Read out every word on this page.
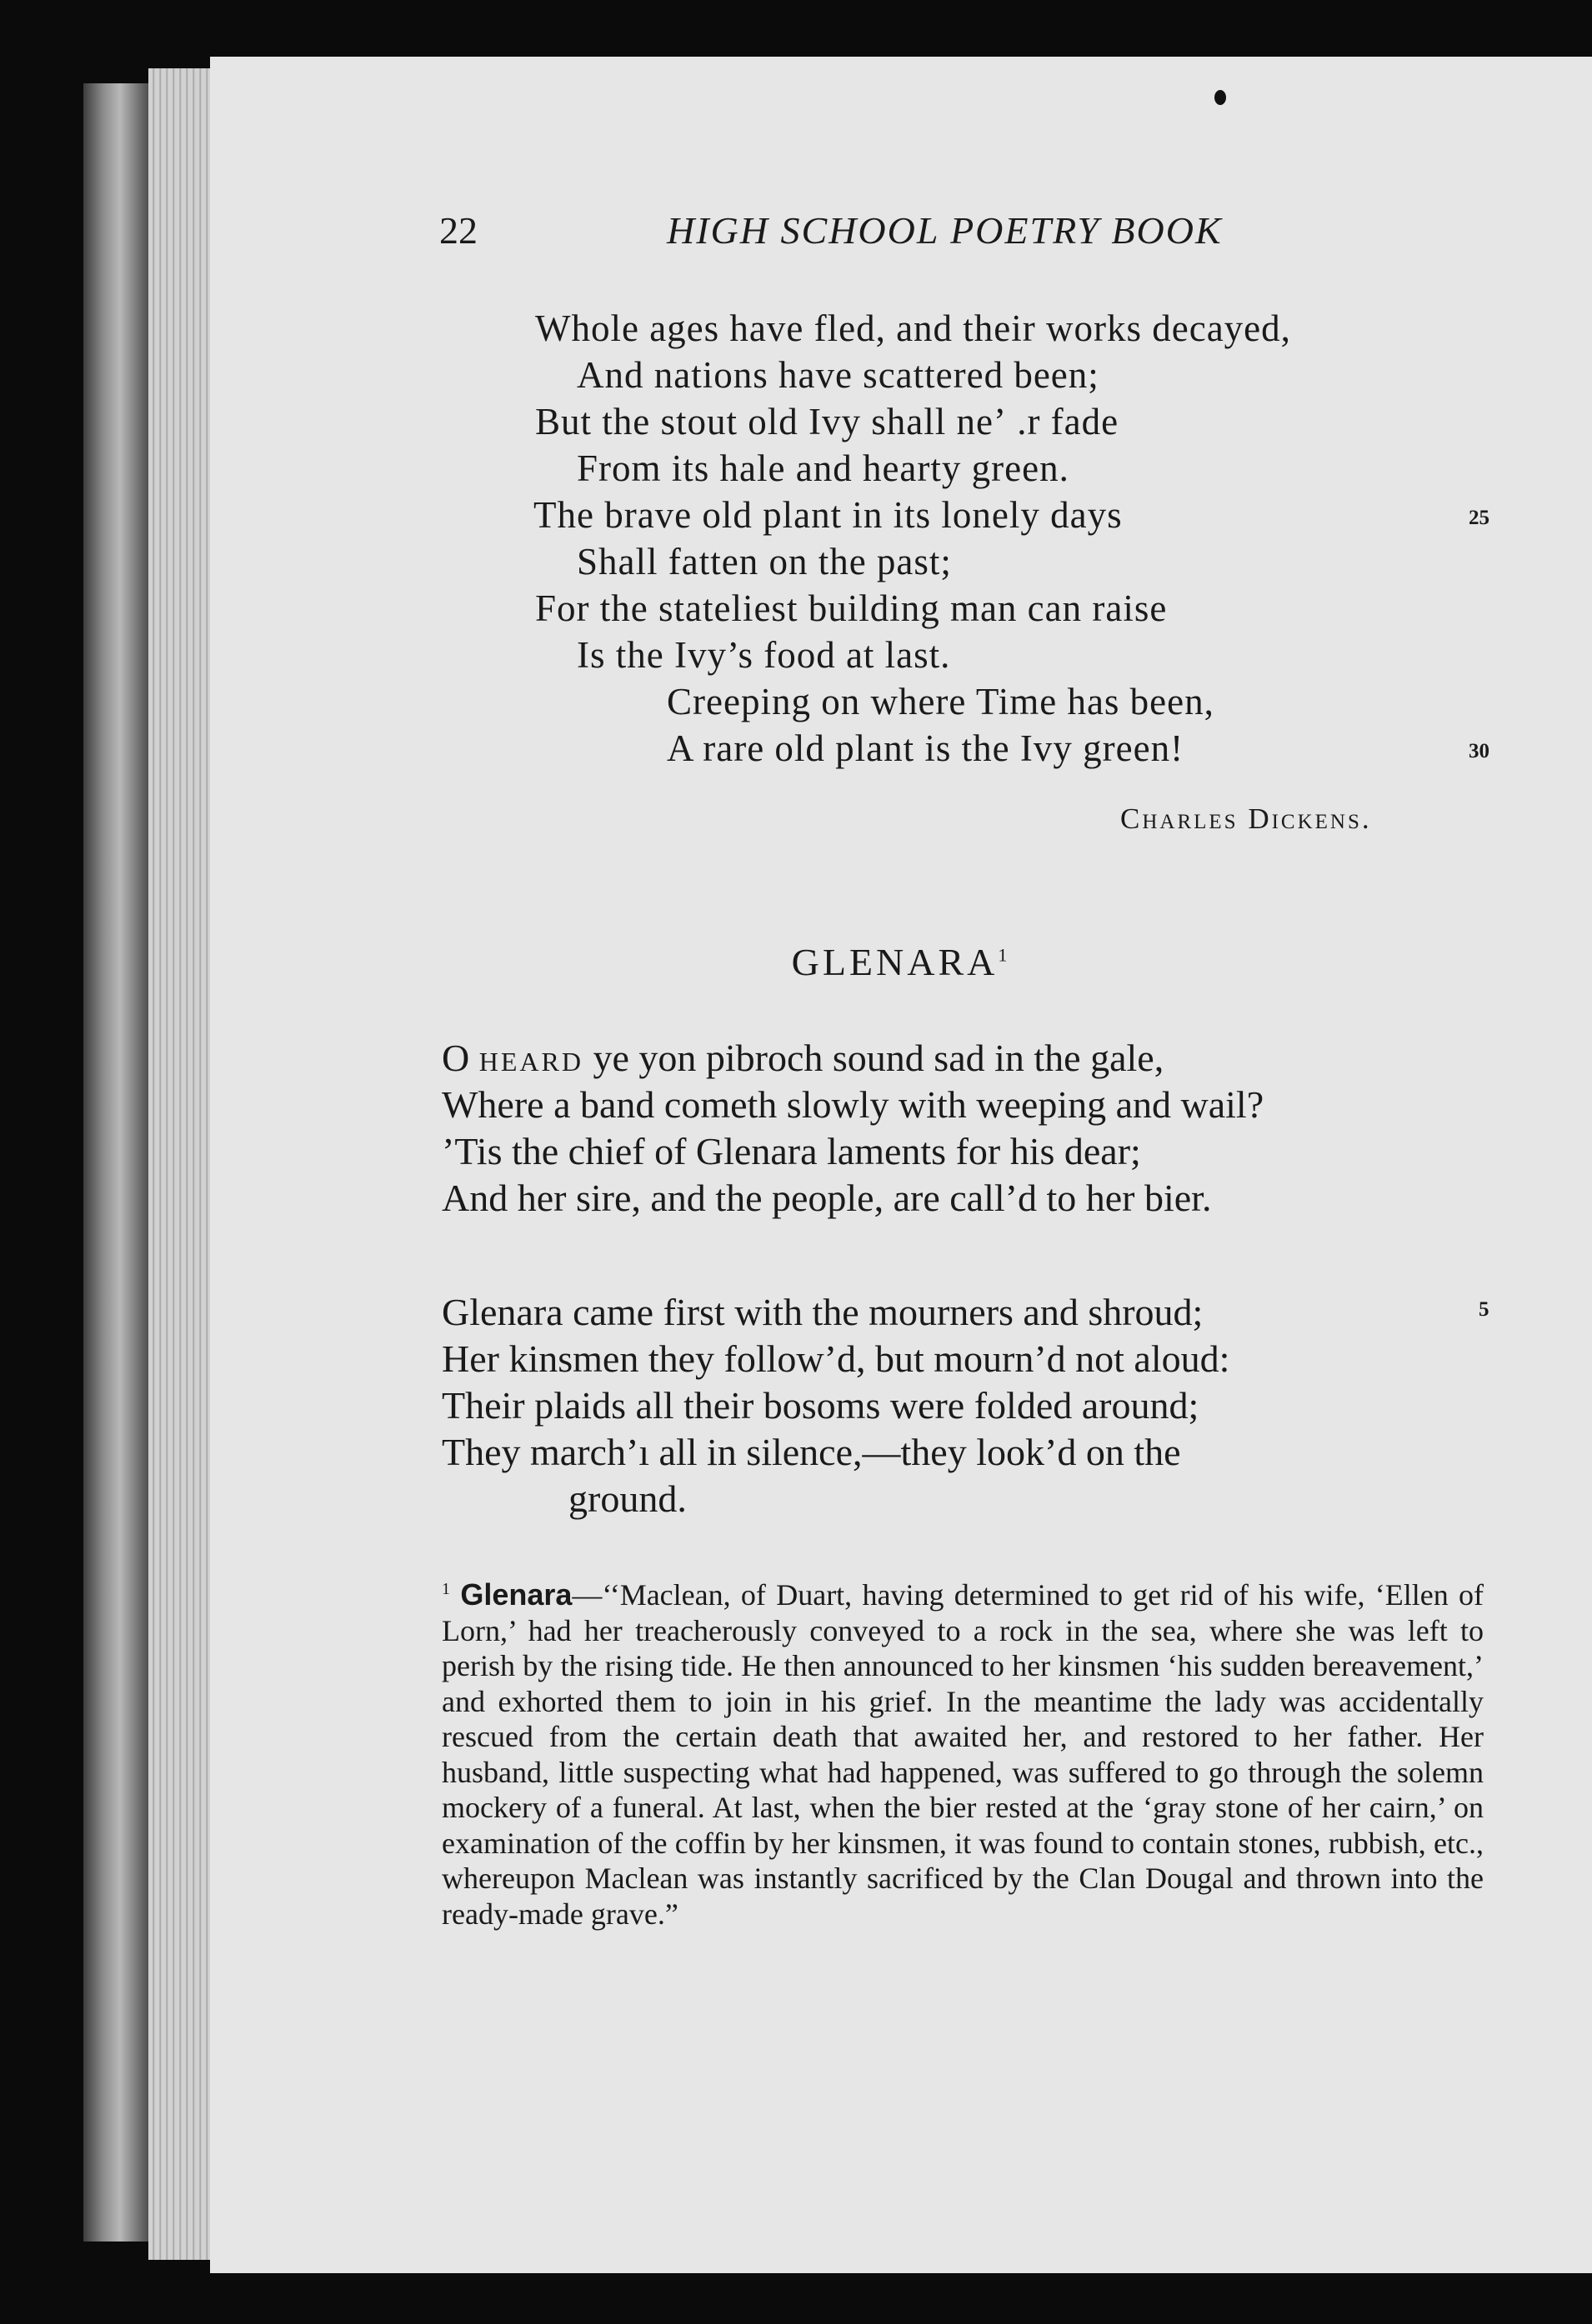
22	HIGH SCHOOL POETRY BOOK
Whole ages have fled, and their works decayed,
And nations have scattered been;
But the stout old Ivy shall neʼ .r fade
From its hale and hearty green.
The brave old plant in its lonely days	25
Shall fatten on the past;
For the stateliest building man can raise
Is the Ivy’s food at last.
Creeping on where Time has been,
A rare old plant is the Ivy green!	30
Charles Dickens.
GLENARA$^1$
O heard ye yon pibroch sound sad in the gale,
Where a band cometh slowly with weeping and wail?
’Tis the chief of Glenara laments for his dear;
And her sire, and the people, are call’d to her bier.
Glenara came first with the mourners and shroud;	5
Her kinsmen they follow’d, but mourn’d not aloud:
Their plaids all their bosoms were folded around;
They march’ı all in silence,—they look’d on the
ground.
$^1$ Glenara—‘‘Maclean, of Duart, having determined to get rid of his wife, ‘Ellen of Lorn,’ had her treacherously conveyed to a rock in the sea, where she was left to perish by the rising tide. He then announced to her kinsmen ‘his sudden bereavement,’ and exhorted them to join in his grief. In the meantime the lady was accidentally rescued from the certain death that awaited her, and restored to her father. Her husband, little suspecting what had happened, was suffered to go through the solemn mockery of a funeral. At last, when the bier rested at the ‘gray stone of her cairn,’ on examination of the coffin by her kinsmen, it was found to contain stones, rubbish, etc., whereupon Maclean was instantly sacrificed by the Clan Dougal and thrown into the ready-made grave.”
